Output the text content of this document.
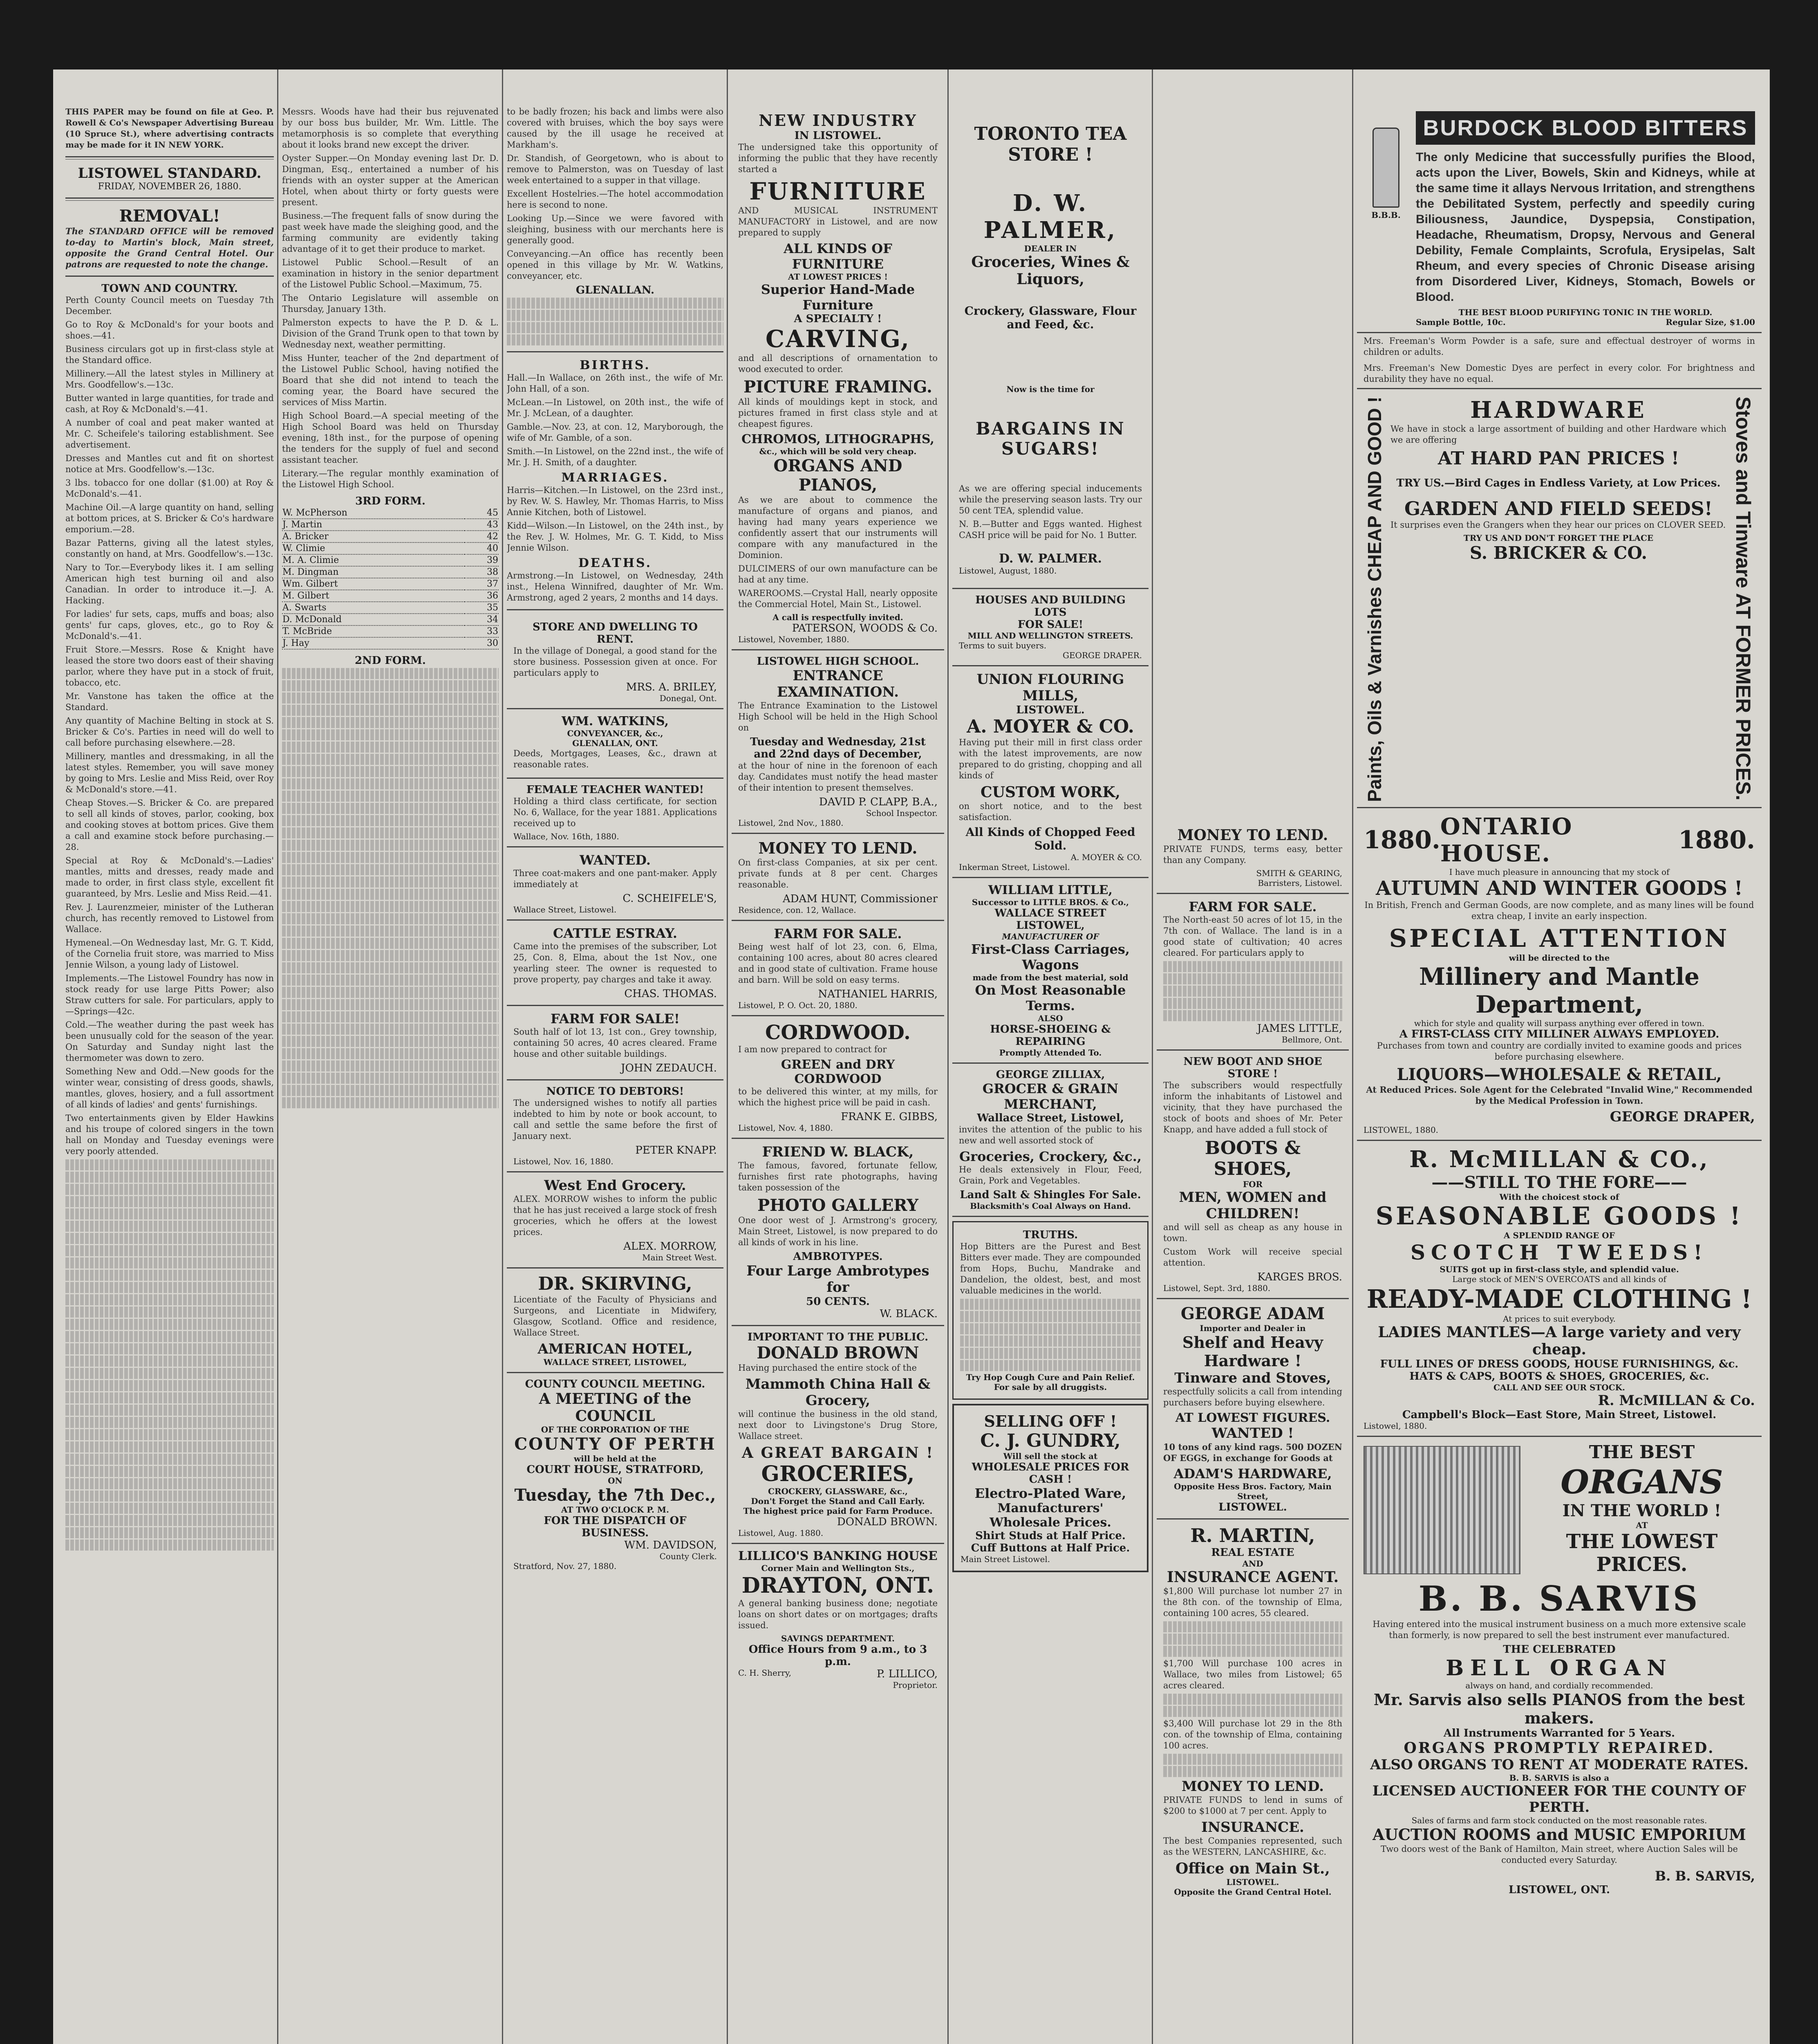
THIS PAPER may be found on file at Geo. P. Rowell & Co's Newspaper Advertising Bureau (10 Spruce St.), where advertising contracts may be made for it IN NEW YORK.
LISTOWEL STANDARD.
FRIDAY, NOVEMBER 26, 1880.
REMOVAL!
The STANDARD OFFICE will be removed to-day to Martin's block, Main street, opposite the Grand Central Hotel. Our patrons are requested to note the change.
TOWN AND COUNTRY.
Perth County Council meets on Tuesday 7th December.
Go to Roy & McDonald's for your boots and shoes.—41.
Business circulars got up in first-class style at the Standard office.
Millinery.—All the latest styles in Millinery at Mrs. Goodfellow's.—13c.
Butter wanted in large quantities, for trade and cash, at Roy & McDonald's.—41.
A number of coal and peat maker wanted at Mr. C. Scheifele's tailoring establishment. See advertisement.
Dresses and Mantles cut and fit on shortest notice at Mrs. Goodfellow's.—13c.
3 lbs. tobacco for one dollar ($1.00) at Roy & McDonald's.—41.
Machine Oil.—A large quantity on hand, selling at bottom prices, at S. Bricker & Co's hardware emporium.—28.
Bazar Patterns, giving all the latest styles, constantly on hand, at Mrs. Goodfellow's.—13c.
Nary to Tor.—Everybody likes it. I am selling American high test burning oil and also Canadian. In order to introduce it.—J. A. Hacking.
For ladies' fur sets, caps, muffs and boas; also gents' fur caps, gloves, etc., go to Roy & McDonald's.—41.
Fruit Store.—Messrs. Rose & Knight have leased the store two doors east of their shaving parlor, where they have put in a stock of fruit, tobacco, etc.
Mr. Vanstone has taken the office at the Standard.
Any quantity of Machine Belting in stock at S. Bricker & Co's. Parties in need will do well to call before purchasing elsewhere.—28.
Millinery, mantles and dressmaking, in all the latest styles. Remember, you will save money by going to Mrs. Leslie and Miss Reid, over Roy & McDonald's store.—41.
Cheap Stoves.—S. Bricker & Co. are prepared to sell all kinds of stoves, parlor, cooking, box and cooking stoves at bottom prices. Give them a call and examine stock before purchasing.—28.
Special at Roy & McDonald's.—Ladies' mantles, mitts and dresses, ready made and made to order, in first class style, excellent fit guaranteed, by Mrs. Leslie and Miss Reid.—41.
Rev. J. Laurenzmeier, minister of the Lutheran church, has recently removed to Listowel from Wallace.
Hymeneal.—On Wednesday last, Mr. G. T. Kidd, of the Cornelia fruit store, was married to Miss Jennie Wilson, a young lady of Listowel.
Implements.—The Listowel Foundry has now in stock ready for use large Pitts Power; also Straw cutters for sale. For particulars, apply to—Springs—42c.
Cold.—The weather during the past week has been unusually cold for the season of the year. On Saturday and Sunday night last the thermometer was down to zero.
Something New and Odd.—New goods for the winter wear, consisting of dress goods, shawls, mantles, gloves, hosiery, and a full assortment of all kinds of ladies' and gents' furnishings.
Two entertainments given by Elder Hawkins and his troupe of colored singers in the town hall on Monday and Tuesday evenings were very poorly attended.
Messrs. Woods have had their bus rejuvenated by our boss bus builder, Mr. Wm. Little. The metamorphosis is so complete that everything about it looks brand new except the driver.
Oyster Supper.—On Monday evening last Dr. D. Dingman, Esq., entertained a number of his friends with an oyster supper at the American Hotel, when about thirty or forty guests were present.
Business.—The frequent falls of snow during the past week have made the sleighing good, and the farming community are evidently taking advantage of it to get their produce to market.
Listowel Public School.—Result of an examination in history in the senior department of the Listowel Public School.—Maximum, 75.
The Ontario Legislature will assemble on Thursday, January 13th.
Palmerston expects to have the P. D. & L. Division of the Grand Trunk open to that town by Wednesday next, weather permitting.
Miss Hunter, teacher of the 2nd department of the Listowel Public School, having notified the Board that she did not intend to teach the coming year, the Board have secured the services of Miss Martin.
High School Board.—A special meeting of the High School Board was held on Thursday evening, 18th inst., for the purpose of opening the tenders for the supply of fuel and second assistant teacher.
Literary.—The regular monthly examination of the Listowel High School.
3RD FORM.
W. McPherson	45
J. Martin	43
A. Bricker	42
W. Climie	40
M. A. Climie	39
M. Dingman	38
Wm. Gilbert	37
M. Gilbert	36
A. Swarts	35
D. McDonald	34
T. McBride	33
J. Hay	30
2ND FORM.
to be badly frozen; his back and limbs were also covered with bruises, which the boy says were caused by the ill usage he received at Markham's.
Dr. Standish, of Georgetown, who is about to remove to Palmerston, was on Tuesday of last week entertained to a supper in that village.
Excellent Hostelries.—The hotel accommodation here is second to none.
Looking Up.—Since we were favored with sleighing, business with our merchants here is generally good.
Conveyancing.—An office has recently been opened in this village by Mr. W. Watkins, conveyancer, etc.
GLENALLAN.
BIRTHS.
Hall.—In Wallace, on 26th inst., the wife of Mr. John Hall, of a son.
McLean.—In Listowel, on 20th inst., the wife of Mr. J. McLean, of a daughter.
Gamble.—Nov. 23, at con. 12, Maryborough, the wife of Mr. Gamble, of a son.
Smith.—In Listowel, on the 22nd inst., the wife of Mr. J. H. Smith, of a daughter.
MARRIAGES.
Harris—Kitchen.—In Listowel, on the 23rd inst., by Rev. W. S. Hawley, Mr. Thomas Harris, to Miss Annie Kitchen, both of Listowel.
Kidd—Wilson.—In Listowel, on the 24th inst., by the Rev. J. W. Holmes, Mr. G. T. Kidd, to Miss Jennie Wilson.
DEATHS.
Armstrong.—In Listowel, on Wednesday, 24th inst., Helena Winnifred, daughter of Mr. Wm. Armstrong, aged 2 years, 2 months and 14 days.
STORE AND DWELLING TO RENT.
In the village of Donegal, a good stand for the store business. Possession given at once. For particulars apply to
MRS. A. BRILEY,
Donegal, Ont.
WM. WATKINS,
CONVEYANCER, &c.,
GLENALLAN, ONT.
Deeds, Mortgages, Leases, &c., drawn at reasonable rates.
FEMALE TEACHER WANTED!
Holding a third class certificate, for section No. 6, Wallace, for the year 1881. Applications received up to
Wallace, Nov. 16th, 1880.
WANTED.
Three coat-makers and one pant-maker. Apply immediately at
C. SCHEIFELE'S,
Wallace Street, Listowel.
CATTLE ESTRAY.
Came into the premises of the subscriber, Lot 25, Con. 8, Elma, about the 1st Nov., one yearling steer. The owner is requested to prove property, pay charges and take it away.
CHAS. THOMAS.
FARM FOR SALE!
South half of lot 13, 1st con., Grey township, containing 50 acres, 40 acres cleared. Frame house and other suitable buildings.
JOHN ZEDAUCH.
NOTICE TO DEBTORS!
The undersigned wishes to notify all parties indebted to him by note or book account, to call and settle the same before the first of January next.
PETER KNAPP.
Listowel, Nov. 16, 1880.
West End Grocery.
ALEX. MORROW wishes to inform the public that he has just received a large stock of fresh groceries, which he offers at the lowest prices.
ALEX. MORROW,
Main Street West.
DR. SKIRVING,
Licentiate of the Faculty of Physicians and Surgeons, and Licentiate in Midwifery, Glasgow, Scotland. Office and residence, Wallace Street.
AMERICAN HOTEL,
WALLACE STREET, LISTOWEL,
COUNTY COUNCIL MEETING.
A MEETING of the COUNCIL
OF THE CORPORATION OF THE
COUNTY OF PERTH
will be held at the
COURT HOUSE, STRATFORD,
ON
Tuesday, the 7th Dec.,
AT TWO O'CLOCK P. M.
FOR THE DISPATCH OF BUSINESS.
WM. DAVIDSON,
County Clerk.
Stratford, Nov. 27, 1880.
NEW INDUSTRY
IN LISTOWEL.
The undersigned take this opportunity of informing the public that they have recently started a
FURNITURE
AND MUSICAL INSTRUMENT MANUFACTORY in Listowel, and are now prepared to supply
ALL KINDS OF FURNITURE
AT LOWEST PRICES !
Superior Hand-Made Furniture
A SPECIALTY !
CARVING,
and all descriptions of ornamentation to wood executed to order.
PICTURE FRAMING.
All kinds of mouldings kept in stock, and pictures framed in first class style and at cheapest figures.
CHROMOS, LITHOGRAPHS,
&c., which will be sold very cheap.
ORGANS AND PIANOS,
As we are about to commence the manufacture of organs and pianos, and having had many years experience we confidently assert that our instruments will compare with any manufactured in the Dominion.
DULCIMERS of our own manufacture can be had at any time.
WAREROOMS.—Crystal Hall, nearly opposite the Commercial Hotel, Main St., Listowel.
A call is respectfully invited.
PATERSON, WOODS & Co.
Listowel, November, 1880.
LISTOWEL HIGH SCHOOL.
ENTRANCE EXAMINATION.
The Entrance Examination to the Listowel High School will be held in the High School on
Tuesday and Wednesday, 21st and 22nd days of December,
at the hour of nine in the forenoon of each day. Candidates must notify the head master of their intention to present themselves.
DAVID P. CLAPP, B.A.,
School Inspector.
Listowel, 2nd Nov., 1880.
MONEY TO LEND.
On first-class Companies, at six per cent. private funds at 8 per cent. Charges reasonable.
ADAM HUNT, Commissioner
Residence, con. 12, Wallace.
FARM FOR SALE.
Being west half of lot 23, con. 6, Elma, containing 100 acres, about 80 acres cleared and in good state of cultivation. Frame house and barn. Will be sold on easy terms.
NATHANIEL HARRIS,
Listowel, P. O. Oct. 20, 1880.
CORDWOOD.
I am now prepared to contract for
GREEN and DRY CORDWOOD
to be delivered this winter, at my mills, for which the highest price will be paid in cash.
FRANK E. GIBBS,
Listowel, Nov. 4, 1880.
FRIEND W. BLACK,
The famous, favored, fortunate fellow, furnishes first rate photographs, having taken possession of the
PHOTO GALLERY
One door west of J. Armstrong's grocery, Main Street, Listowel, is now prepared to do all kinds of work in his line.
AMBROTYPES.
Four Large Ambrotypes for
50 CENTS.
W. BLACK.
IMPORTANT TO THE PUBLIC.
DONALD BROWN
Having purchased the entire stock of the
Mammoth China Hall & Grocery,
will continue the business in the old stand, next door to Livingstone's Drug Store, Wallace street.
A GREAT BARGAIN !
GROCERIES,
CROCKERY, GLASSWARE, &c.,
Don't Forget the Stand and Call Early.
The highest price paid for Farm Produce.
DONALD BROWN.
Listowel, Aug. 1880.
LILLICO'S BANKING HOUSE
Corner Main and Wellington Sts.,
DRAYTON, ONT.
A general banking business done; negotiate loans on short dates or on mortgages; drafts issued.
SAVINGS DEPARTMENT.
Office Hours from 9 a.m., to 3 p.m.
C. H. Sherry,	P. LILLICO,
Proprietor.
TORONTO TEA STORE !
D. W. PALMER,
DEALER IN
Groceries, Wines & Liquors,
Crockery, Glassware, Flour and Feed, &c.
Now is the time for
BARGAINS IN SUGARS!
As we are offering special inducements while the preserving season lasts. Try our 50 cent TEA, splendid value.
N. B.—Butter and Eggs wanted. Highest CASH price will be paid for No. 1 Butter.
D. W. PALMER.
Listowel, August, 1880.
HOUSES AND BUILDING LOTS
FOR SALE!
MILL AND WELLINGTON STREETS.
Terms to suit buyers.
GEORGE DRAPER.
UNION FLOURING MILLS,
LISTOWEL.
A. MOYER & CO.
Having put their mill in first class order with the latest improvements, are now prepared to do gristing, chopping and all kinds of
CUSTOM WORK,
on short notice, and to the best satisfaction.
All Kinds of Chopped Feed Sold.
A. MOYER & CO.
Inkerman Street, Listowel.
WILLIAM LITTLE,
Successor to LITTLE BROS. & Co.,
WALLACE STREET LISTOWEL,
MANUFACTURER OF
First-Class Carriages, Wagons
made from the best material, sold
On Most Reasonable Terms.
ALSO
HORSE-SHOEING & REPAIRING
Promptly Attended To.
GEORGE ZILLIAX,
GROCER & GRAIN MERCHANT,
Wallace Street, Listowel,
invites the attention of the public to his new and well assorted stock of
Groceries, Crockery, &c.,
He deals extensively in Flour, Feed, Grain, Pork and Vegetables.
Land Salt & Shingles For Sale.
Blacksmith's Coal Always on Hand.
TRUTHS.
Hop Bitters are the Purest and Best Bitters ever made. They are compounded from Hops, Buchu, Mandrake and Dandelion, the oldest, best, and most valuable medicines in the world.
Try Hop Cough Cure and Pain Relief.
For sale by all druggists.
SELLING OFF !
C. J. GUNDRY,
Will sell the stock at
WHOLESALE PRICES FOR CASH !
Electro-Plated Ware,
Manufacturers' Wholesale Prices.
Shirt Studs at Half Price.
Cuff Buttons at Half Price.
Main Street Listowel.
MONEY TO LEND.
PRIVATE FUNDS, terms easy, better than any Company.
SMITH & GEARING,
Barristers, Listowel.
FARM FOR SALE.
The North-east 50 acres of lot 15, in the 7th con. of Wallace. The land is in a good state of cultivation; 40 acres cleared. For particulars apply to
JAMES LITTLE,
Bellmore, Ont.
NEW BOOT AND SHOE STORE !
The subscribers would respectfully inform the inhabitants of Listowel and vicinity, that they have purchased the stock of boots and shoes of Mr. Peter Knapp, and have added a full stock of
BOOTS & SHOES,
FOR
MEN, WOMEN and CHILDREN!
and will sell as cheap as any house in town.
Custom Work will receive special attention.
KARGES BROS.
Listowel, Sept. 3rd, 1880.
GEORGE ADAM
Importer and Dealer in
Shelf and Heavy Hardware !
Tinware and Stoves,
respectfully solicits a call from intending purchasers before buying elsewhere.
AT LOWEST FIGURES.
WANTED !
10 tons of any kind rags. 500 DOZEN OF EGGS, in exchange for Goods at
ADAM'S HARDWARE,
Opposite Hess Bros. Factory, Main Street,
LISTOWEL.
R. MARTIN,
REAL ESTATE
AND
INSURANCE AGENT.
$1,800 Will purchase lot number 27 in the 8th con. of the township of Elma, containing 100 acres, 55 cleared.
$1,700 Will purchase 100 acres in Wallace, two miles from Listowel; 65 acres cleared.
$3,400 Will purchase lot 29 in the 8th con. of the township of Elma, containing 100 acres.
MONEY TO LEND.
PRIVATE FUNDS to lend in sums of $200 to $1000 at 7 per cent. Apply to
INSURANCE.
The best Companies represented, such as the WESTERN, LANCASHIRE, &c.
Office on Main St.,
LISTOWEL.
Opposite the Grand Central Hotel.
B.B.B.
BURDOCK BLOOD BITTERS
The only Medicine that successfully purifies the Blood, acts upon the Liver, Bowels, Skin and Kidneys, while at the same time it allays Nervous Irritation, and strengthens the Debilitated System, perfectly and speedily curing Biliousness, Jaundice, Dyspepsia, Constipation, Headache, Rheumatism, Dropsy, Nervous and General Debility, Female Complaints, Scrofula, Erysipelas, Salt Rheum, and every species of Chronic Disease arising from Disordered Liver, Kidneys, Stomach, Bowels or Blood.
THE BEST BLOOD PURIFYING TONIC IN THE WORLD.
Sample Bottle, 10c.	Regular Size, $1.00
Mrs. Freeman's Worm Powder is a safe, sure and effectual destroyer of worms in children or adults.
Mrs. Freeman's New Domestic Dyes are perfect in every color. For brightness and durability they have no equal.
Paints, Oils & Varnishes CHEAP AND GOOD !	HARDWARE
We have in stock a large assortment of building and other Hardware which we are offering
AT HARD PAN PRICES !
TRY US.—Bird Cages in Endless Variety, at Low Prices.
GARDEN AND FIELD SEEDS!
It surprises even the Grangers when they hear our prices on CLOVER SEED.
TRY US AND DON'T FORGET THE PLACE
S. BRICKER & CO.	Stoves and Tinware AT FORMER PRICES.
1880. ONTARIO HOUSE.	1880.
I have much pleasure in announcing that my stock of
AUTUMN AND WINTER GOODS !
In British, French and German Goods, are now complete, and as many lines will be found extra cheap, I invite an early inspection.
SPECIAL ATTENTION
will be directed to the
Millinery and Mantle Department,
which for style and quality will surpass anything ever offered in town.
A FIRST-CLASS CITY MILLINER ALWAYS EMPLOYED.
Purchases from town and country are cordially invited to examine goods and prices before purchasing elsewhere.
LIQUORS—WHOLESALE & RETAIL,
At Reduced Prices. Sole Agent for the Celebrated "Invalid Wine," Recommended by the Medical Profession in Town.
GEORGE DRAPER,
LISTOWEL, 1880.
R. McMILLAN & CO.,
——STILL TO THE FORE——
With the choicest stock of
SEASONABLE GOODS !
A SPLENDID RANGE OF
SCOTCH TWEEDS!
SUITS got up in first-class style, and splendid value.
Large stock of MEN'S OVERCOATS and all kinds of
READY-MADE CLOTHING !
At prices to suit everybody.
LADIES MANTLES—A large variety and very cheap.
FULL LINES OF DRESS GOODS, HOUSE FURNISHINGS, &c.
HATS & CAPS, BOOTS & SHOES, GROCERIES, &c.
CALL AND SEE OUR STOCK.
R. McMILLAN & Co.
Campbell's Block—East Store, Main Street, Listowel.
Listowel, 1880.
THE BEST
ORGANS
IN THE WORLD !
AT
THE LOWEST PRICES.
B. B. SARVIS
Having entered into the musical instrument business on a much more extensive scale than formerly, is now prepared to sell the best instrument ever manufactured.
THE CELEBRATED
BELL ORGAN
always on hand, and cordially recommended.
Mr. Sarvis also sells PIANOS from the best makers.
All Instruments Warranted for 5 Years.
ORGANS PROMPTLY REPAIRED.
ALSO ORGANS TO RENT AT MODERATE RATES.
B. B. SARVIS is also a
LICENSED AUCTIONEER FOR THE COUNTY OF PERTH.
Sales of farms and farm stock conducted on the most reasonable rates.
AUCTION ROOMS and MUSIC EMPORIUM
Two doors west of the Bank of Hamilton, Main street, where Auction Sales will be conducted every Saturday.
B. B. SARVIS,
LISTOWEL, ONT.
